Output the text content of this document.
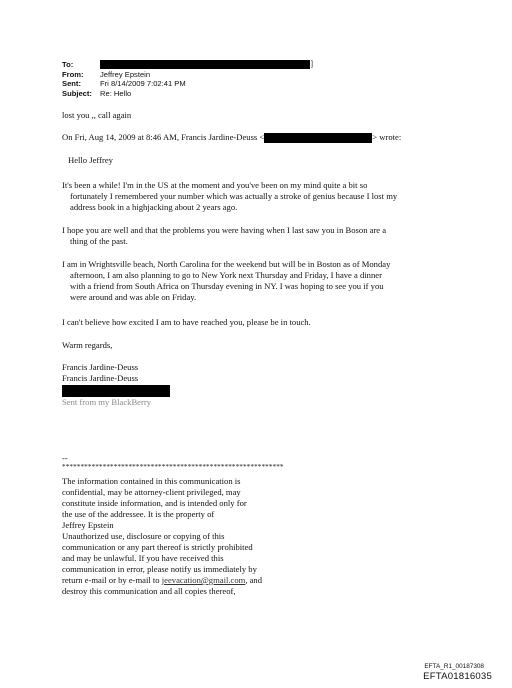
To:	]
From:	Jeffrey Epstein
Sent:	Fri 8/14/2009 7:02:41 PM
Subject:	Re: Hello
lost you ,, call again
On Fri, Aug 14, 2009 at 8:46 AM, Francis Jardine-Deuss <	> wrote:
Hello Jeffrey
It's been a while! I'm in the US at the moment and you've been on my mind quite a bit so
fortunately I remembered your number which was actually a stroke of genius because I lost my
address book in a highjacking about 2 years ago.
I hope you are well and that the problems you were having when I last saw you in Boson are a
thing of the past.
I am in Wrightsville beach, North Carolina for the weekend but will be in Boston as of Monday
afternoon, I am also planning to go to New York next Thursday and Friday, I have a dinner
with a friend from South Africa on Thursday evening in NY. I was hoping to see you if you
were around and was able on Friday.
I can't believe how excited I am to have reached you, please be in touch.
Warm regards,
Francis Jardine-Deuss
Francis Jardine-Deuss
Sent from my BlackBerry
--
************************************************************
The information contained in this communication is
confidential, may be attorney-client privileged, may
constitute inside information, and is intended only for
the use of the addressee. It is the property of
Jeffrey Epstein
Unauthorized use, disclosure or copying of this
communication or any part thereof is strictly prohibited
and may be unlawful. If you have received this
communication in error, please notify us immediately by
return e-mail or by e-mail to jeevacation@gmail.com, and
destroy this communication and all copies thereof,
EFTA_R1_00187308
EFTA01816035
